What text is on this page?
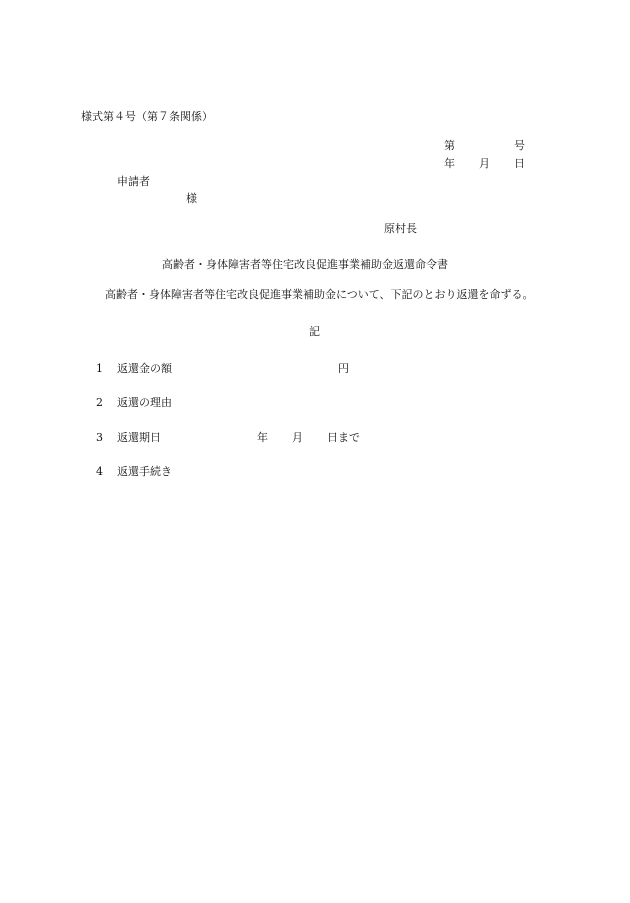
様式第４号（第７条関係）
第	号
年 月 日
申請者
様
原村長
高齢者・身体障害者等住宅改良促進事業補助金返還命令書
高齢者・身体障害者等住宅改良促進事業補助金について、下記のとおり返還を命ずる。
記
1 返還金の額	円
2 返還の理由
3 返還期日	年 月 日まで
4 返還手続き
